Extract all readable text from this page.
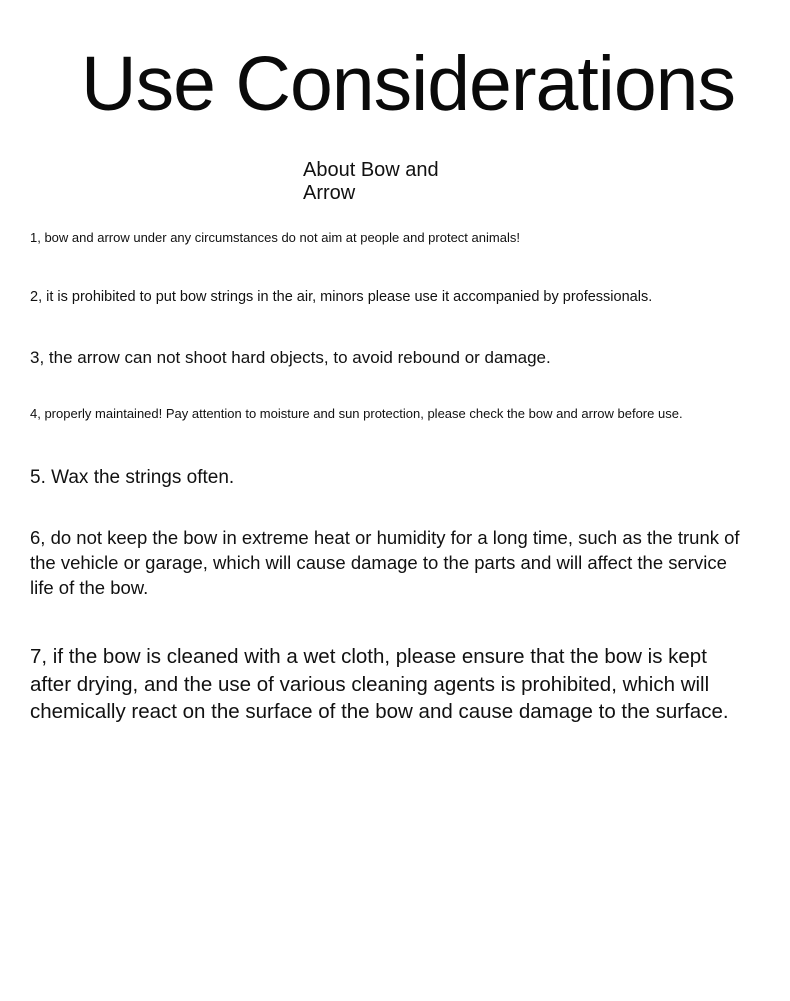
Use Considerations
About Bow and Arrow

1, bow and arrow under any circumstances do not aim at people and protect animals!

2, it is prohibited to put bow strings in the air, minors please use it accompanied by professionals.

3, the arrow can not shoot hard objects, to avoid rebound or damage.

4, properly maintained! Pay attention to moisture and sun protection, please check the bow and arrow before use.

5. Wax the strings often.

6, do not keep the bow in extreme heat or humidity for a long time, such as the trunk of the vehicle or garage, which will cause damage to the parts and will affect the service life of the bow.

7, if the bow is cleaned with a wet cloth, please ensure that the bow is kept after drying, and the use of various cleaning agents is prohibited, which will chemically react on the surface of the bow and cause damage to the surface.
